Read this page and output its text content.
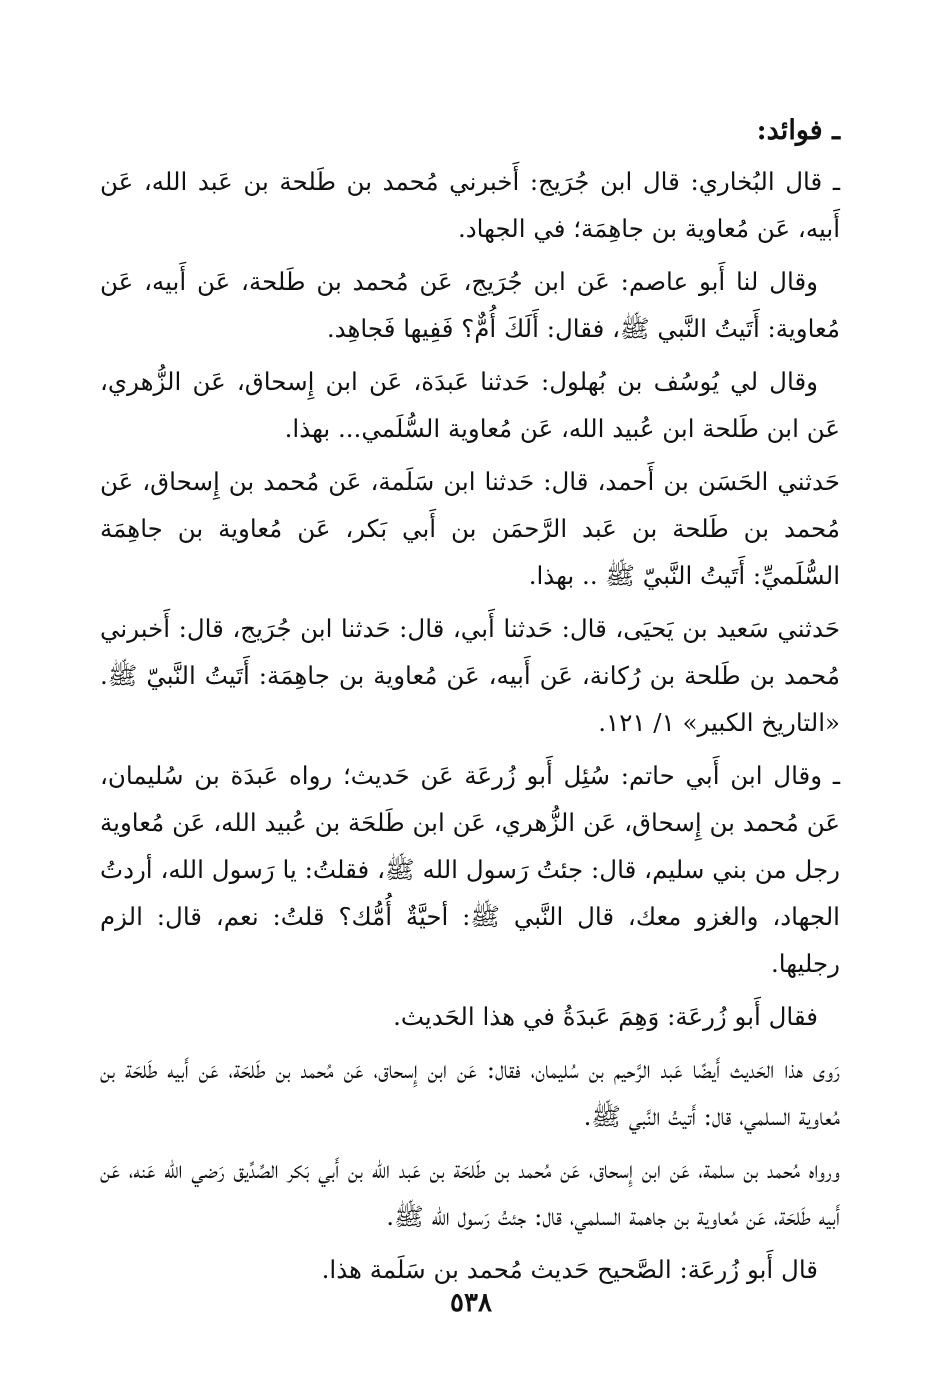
ـ فوائد:

ـ قال البُخاري: قال ابن جُرَيج: أَخبرني مُحمد بن طَلحة بن عَبد الله، عَن أَبيه، عَن مُعاوية بن جاهِمَة؛ في الجهاد.

وقال لنا أَبو عاصم: عَن ابن جُرَيج، عَن مُحمد بن طَلحة، عَن أَبيه، عَن مُعاوية: أَتَيتُ النَّبي ﷺ، فقال: أَلَكَ أُمٌّ؟ فَفِيها فَجاهِد.

وقال لي يُوسُف بن بُهلول: حَدثنا عَبدَة، عَن ابن إِسحاق، عَن الزُّهري، عَن ابن طَلحة ابن عُبيد الله، عَن مُعاوية السُّلَمي... بهذا.

حَدثني الحَسَن بن أَحمد، قال: حَدثنا ابن سَلَمة، عَن مُحمد بن إِسحاق، عَن مُحمد بن طَلحة بن عَبد الرَّحمَن بن أَبي بَكر، عَن مُعاوية بن جاهِمَة السُّلَميِّ: أَتَيتُ النَّبيّ ﷺ .. بهذا.

حَدثني سَعيد بن يَحيَى، قال: حَدثنا أَبي، قال: حَدثنا ابن جُرَيج، قال: أَخبرني مُحمد بن طَلحة بن رُكانة، عَن أَبيه، عَن مُعاوية بن جاهِمَة: أَتَيتُ النَّبيّ ﷺ. «التاريخ الكبير» ١/ ١٢١.

ـ وقال ابن أَبي حاتم: سُئِل أَبو زُرعَة عَن حَديث؛ رواه عَبدَة بن سُليمان، عَن مُحمد بن إِسحاق، عَن الزُّهري، عَن ابن طَلحَة بن عُبيد الله، عَن مُعاوية رجل من بني سليم، قال: جئتُ رَسول الله ﷺ، فقلتُ: يا رَسول الله، أردتُ الجهاد، والغزو معك، قال النَّبي ﷺ: أحيَّةٌ أُمُّك؟ قلتُ: نعم، قال: الزم رجليها.

فقال أَبو زُرعَة: وَهِمَ عَبدَةُ في هذا الحَديث.

رَوى هذا الحَديث أَيضًا عَبد الرَّحيم بن سُليمان، فقال: عَن ابن إِسحاق، عَن مُحمد بن طَلحَة، عَن أَبيه طَلحَة بن مُعاوية السلمي، قال: أَتيتُ النَّبي ﷺ.

ورواه مُحمد بن سلمة، عَن ابن إِسحاق، عَن مُحمد بن طَلحَة بن عَبد الله بن أَبي بَكر الصِّدِّيق رَضي الله عَنه، عَن أَبيه طَلحَة، عَن مُعاوية بن جاهمة السلمي، قال: جئتُ رَسول الله ﷺ.

قال أَبو زُرعَة: الصَّحيح حَديث مُحمد بن سَلَمة هذا.

٥٣٨
